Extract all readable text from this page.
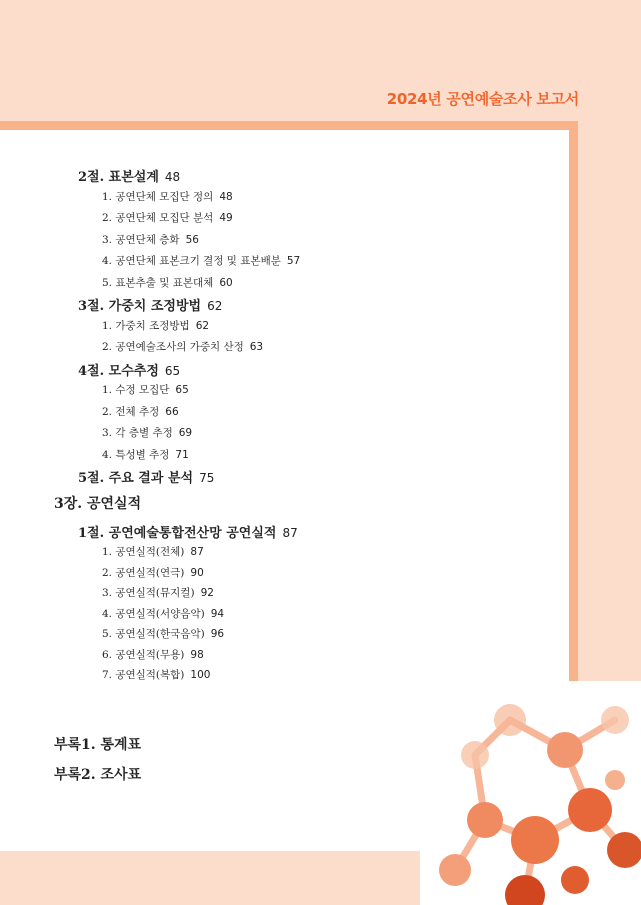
2024년 공연예술조사 보고서
2절. 표본설계 48
1. 공연단체 모집단 정의 48
2. 공연단체 모집단 분석 49
3. 공연단체 층화 56
4. 공연단체 표본크기 결정 및 표본배분 57
5. 표본추출 및 표본대체 60
3절. 가중치 조정방법 62
1. 가중치 조정방법 62
2. 공연예술조사의 가중치 산정 63
4절. 모수추정 65
1. 수정 모집단 65
2. 전체 추정 66
3. 각 층별 추정 69
4. 특성별 추정 71
5절. 주요 결과 분석 75
1절. 공연예술통합전산망 공연실적 87
1. 공연실적(전체) 87
2. 공연실적(연극) 90
3. 공연실적(뮤지컬) 92
4. 공연실적(서양음악) 94
5. 공연실적(한국음악) 96
6. 공연실적(무용) 98
7. 공연실적(복합) 100
3장. 공연실적
부록1. 통계표
부록2. 조사표
